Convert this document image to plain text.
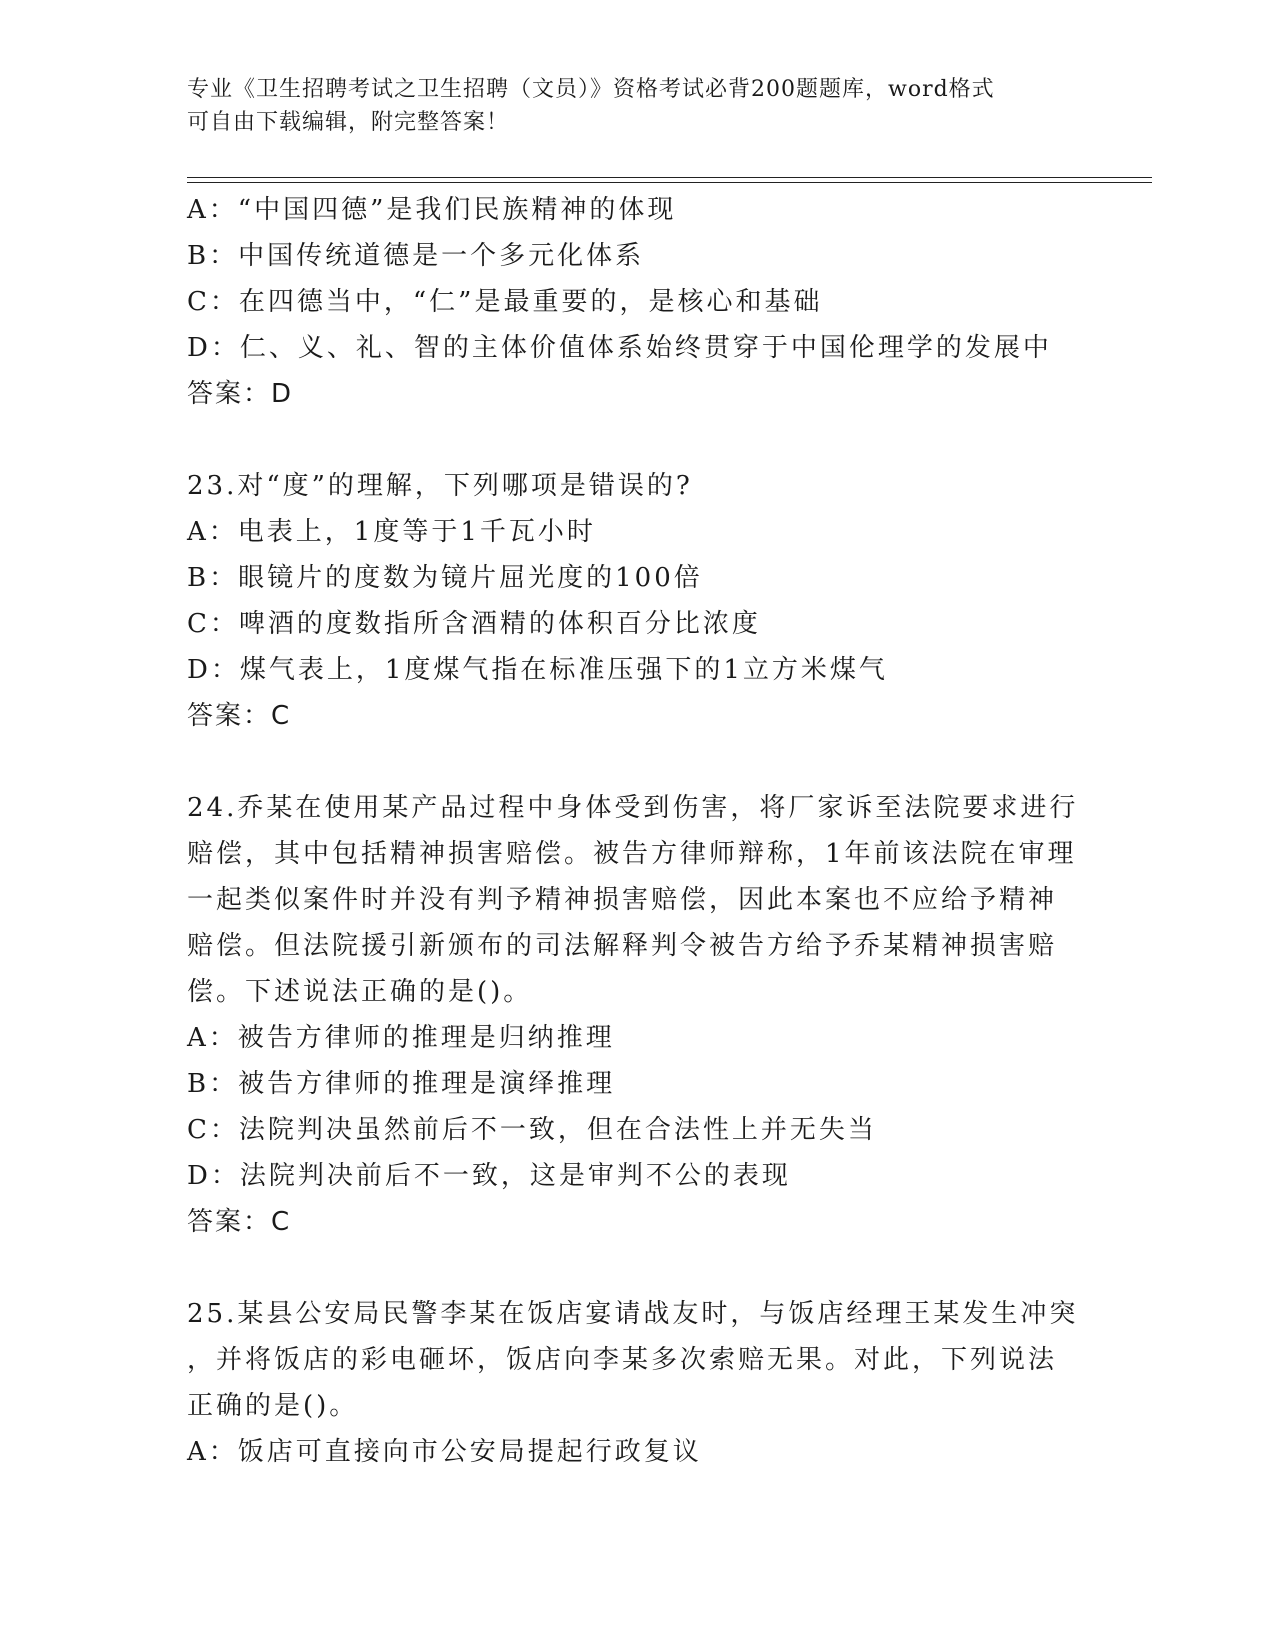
专业《卫生招聘考试之卫生招聘（文员）》资格考试必背200题题库，word格式
可自由下载编辑，附完整答案！
A：“中国四德”是我们民族精神的体现
B：中国传统道德是一个多元化体系
C：在四德当中，“仁”是最重要的，是核心和基础
D：仁、义、礼、智的主体价值体系始终贯穿于中国伦理学的发展中
答案：D
23.对“度”的理解，下列哪项是错误的?
A：电表上，1度等于1千瓦小时
B：眼镜片的度数为镜片屈光度的100倍
C：啤酒的度数指所含酒精的体积百分比浓度
D：煤气表上，1度煤气指在标准压强下的1立方米煤气
答案：C
24.乔某在使用某产品过程中身体受到伤害，将厂家诉至法院要求进行
赔偿，其中包括精神损害赔偿。被告方律师辩称，1年前该法院在审理
一起类似案件时并没有判予精神损害赔偿，因此本案也不应给予精神
赔偿。但法院援引新颁布的司法解释判令被告方给予乔某精神损害赔
偿。下述说法正确的是()。
A：被告方律师的推理是归纳推理
B：被告方律师的推理是演绎推理
C：法院判决虽然前后不一致，但在合法性上并无失当
D：法院判决前后不一致，这是审判不公的表现
答案：C
25.某县公安局民警李某在饭店宴请战友时，与饭店经理王某发生冲突
，并将饭店的彩电砸坏，饭店向李某多次索赔无果。对此，下列说法
正确的是()。
A：饭店可直接向市公安局提起行政复议
